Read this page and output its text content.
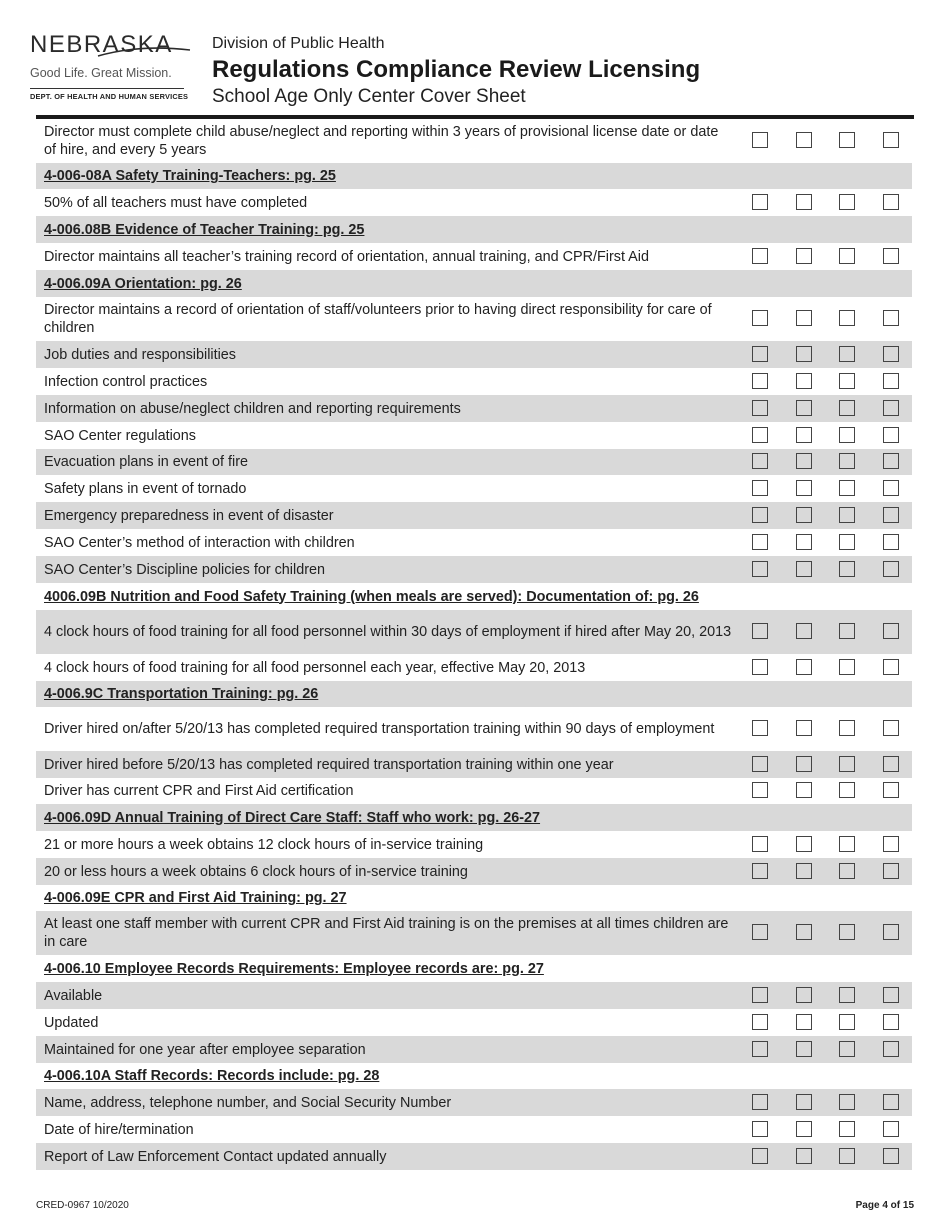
NEBRASKA
Good Life. Great Mission.
DEPT. OF HEALTH AND HUMAN SERVICES
Division of Public Health
Regulations Compliance Review Licensing
School Age Only Center Cover Sheet
Director must complete child abuse/neglect and reporting within 3 years of provisional license date or date of hire, and every 5 years
4-006-08A Safety Training-Teachers: pg. 25
50% of all teachers must have completed
4-006.08B Evidence of Teacher Training: pg. 25
Director maintains all teacher’s training record of orientation, annual training, and CPR/First Aid
4-006.09A Orientation: pg. 26
Director maintains a record of orientation of staff/volunteers prior to having direct responsibility for care of children
Job duties and responsibilities
Infection control practices
Information on abuse/neglect children and reporting requirements
SAO Center regulations
Evacuation plans in event of fire
Safety plans in event of tornado
Emergency preparedness in event of disaster
SAO Center’s method of interaction with children
SAO Center’s Discipline policies for children
4006.09B Nutrition and Food Safety Training (when meals are served): Documentation of: pg. 26
4 clock hours of food training for all food personnel within 30 days of employment if hired after May 20, 2013
4 clock hours of food training for all food personnel each year, effective May 20, 2013
4-006.9C Transportation Training: pg. 26
Driver hired on/after 5/20/13 has completed required transportation training within 90 days of employment
Driver hired before 5/20/13 has completed required transportation training within one year
Driver has current CPR and First Aid certification
4-006.09D Annual Training of Direct Care Staff: Staff who work: pg. 26-27
21 or more hours a week obtains 12 clock hours of in-service training
20 or less hours a week obtains 6 clock hours of in-service training
4-006.09E CPR and First Aid Training: pg. 27
At least one staff member with current CPR and First Aid training is on the premises at all times children are in care
4-006.10 Employee Records Requirements: Employee records are: pg. 27
Available
Updated
Maintained for one year after employee separation
4-006.10A Staff Records: Records include: pg. 28
Name, address, telephone number, and Social Security Number
Date of hire/termination
Report of Law Enforcement Contact updated annually
CRED-0967 10/2020	Page 4 of 15
